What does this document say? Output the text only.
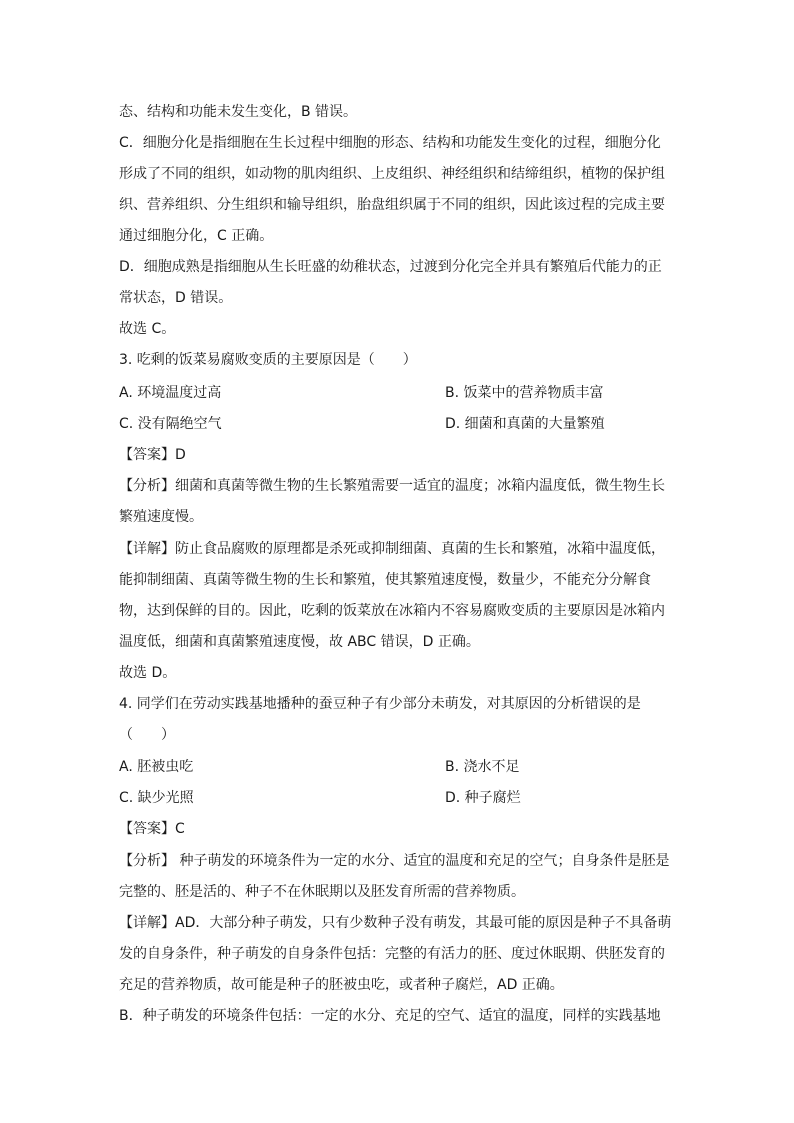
态、结构和功能未发生变化，B 错误。
C．细胞分化是指细胞在生长过程中细胞的形态、结构和功能发生变化的过程，细胞分化
形成了不同的组织，如动物的肌肉组织、上皮组织、神经组织和结缔组织，植物的保护组
织、营养组织、分生组织和输导组织，胎盘组织属于不同的组织，因此该过程的完成主要
通过细胞分化，C 正确。
D．细胞成熟是指细胞从生长旺盛的幼稚状态，过渡到分化完全并具有繁殖后代能力的正
常状态，D 错误。
故选 C。
3. 吃剩的饭菜易腐败变质的主要原因是（　　）
A. 环境温度过高	B. 饭菜中的营养物质丰富
C. 没有隔绝空气	D. 细菌和真菌的大量繁殖
【答案】D
【分析】细菌和真菌等微生物的生长繁殖需要一适宜的温度；冰箱内温度低，微生物生长
繁殖速度慢。
【详解】防止食品腐败的原理都是杀死或抑制细菌、真菌的生长和繁殖，冰箱中温度低，
能抑制细菌、真菌等微生物的生长和繁殖，使其繁殖速度慢，数量少，不能充分分解食
物，达到保鲜的目的。因此，吃剩的饭菜放在冰箱内不容易腐败变质的主要原因是冰箱内
温度低，细菌和真菌繁殖速度慢，故 ABC 错误，D 正确。
故选 D。
4. 同学们在劳动实践基地播种的蚕豆种子有少部分未萌发，对其原因的分析错误的是
（　　）
A. 胚被虫吃	B. 浇水不足
C. 缺少光照	D. 种子腐烂
【答案】C
【分析】 种子萌发的环境条件为一定的水分、适宜的温度和充足的空气；自身条件是胚是
完整的、胚是活的、种子不在休眠期以及胚发育所需的营养物质。
【详解】AD．大部分种子萌发，只有少数种子没有萌发，其最可能的原因是种子不具备萌
发的自身条件，种子萌发的自身条件包括：完整的有活力的胚、度过休眠期、供胚发育的
充足的营养物质，故可能是种子的胚被虫吃，或者种子腐烂，AD 正确。
B．种子萌发的环境条件包括：一定的水分、充足的空气、适宜的温度，同样的实践基地
